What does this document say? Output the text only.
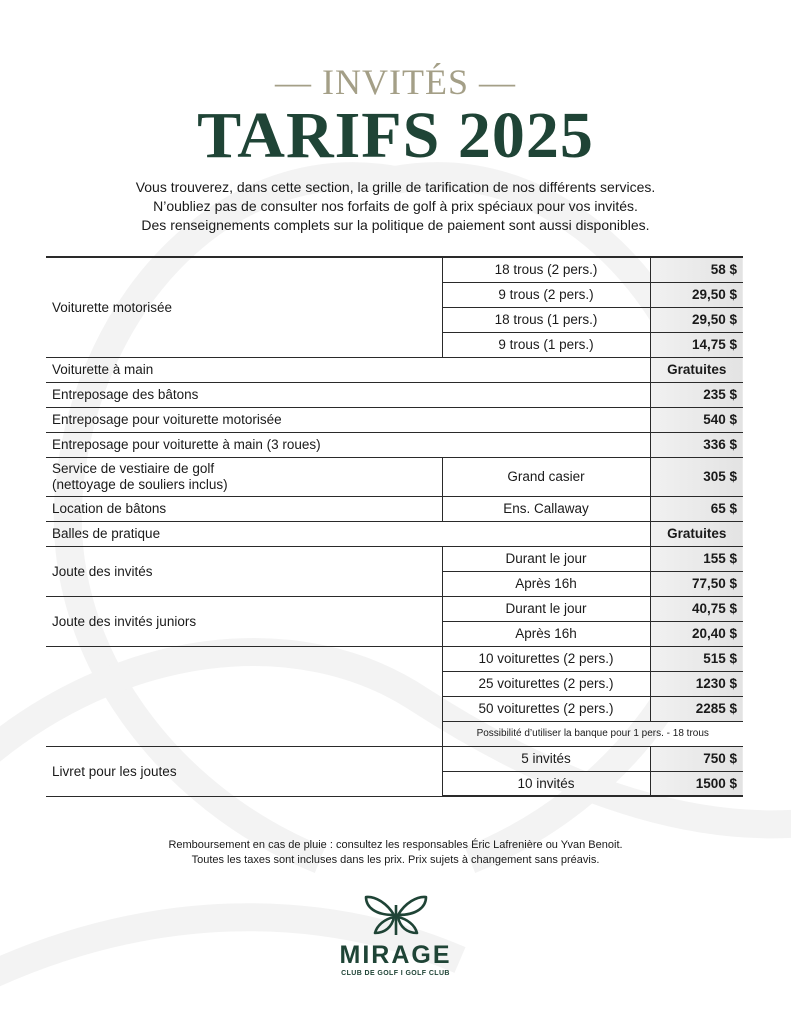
— INVITÉS —
TARIFS 2025
Vous trouverez, dans cette section, la grille de tarification de nos différents services.
N’oubliez pas de consulter nos forfaits de golf à prix spéciaux pour vos invités.
Des renseignements complets sur la politique de paiement sont aussi disponibles.
Voiturette motorisée	18 trous (2 pers.)	58 $
	9 trous (2 pers.)	29,50 $
	18 trous (1 pers.)	29,50 $
	9 trous (1 pers.)	14,75 $
Voiturette à main		Gratuites
Entreposage des bâtons		235 $
Entreposage pour voiturette motorisée		540 $
Entreposage pour voiturette à main (3 roues)		336 $

Service de vestiaire de golf
(nettoyage de souliers inclus)	Grand casier	305 $
Location de bâtons	Ens. Callaway	65 $
Balles de pratique		Gratuites
Joute des invités	Durant le jour	155 $
	Après 16h	77,50 $
Joute des invités juniors	Durant le jour	40,75 $
	Après 16h	20,40 $
	10 voiturettes (2 pers.)	515 $
	25 voiturettes (2 pers.)	1230 $
	50 voiturettes (2 pers.)	2285 $
	Possibilité d’utiliser la banque pour 1 pers. - 18 trous	
Livret pour les joutes	5 invités	750 $
	10 invités	1500 $
Remboursement en cas de pluie : consultez les responsables Éric Lafrenière ou Yvan Benoit.
Toutes les taxes sont incluses dans les prix. Prix sujets à changement sans préavis.
MIRAGE
CLUB DE GOLF I GOLF CLUB
